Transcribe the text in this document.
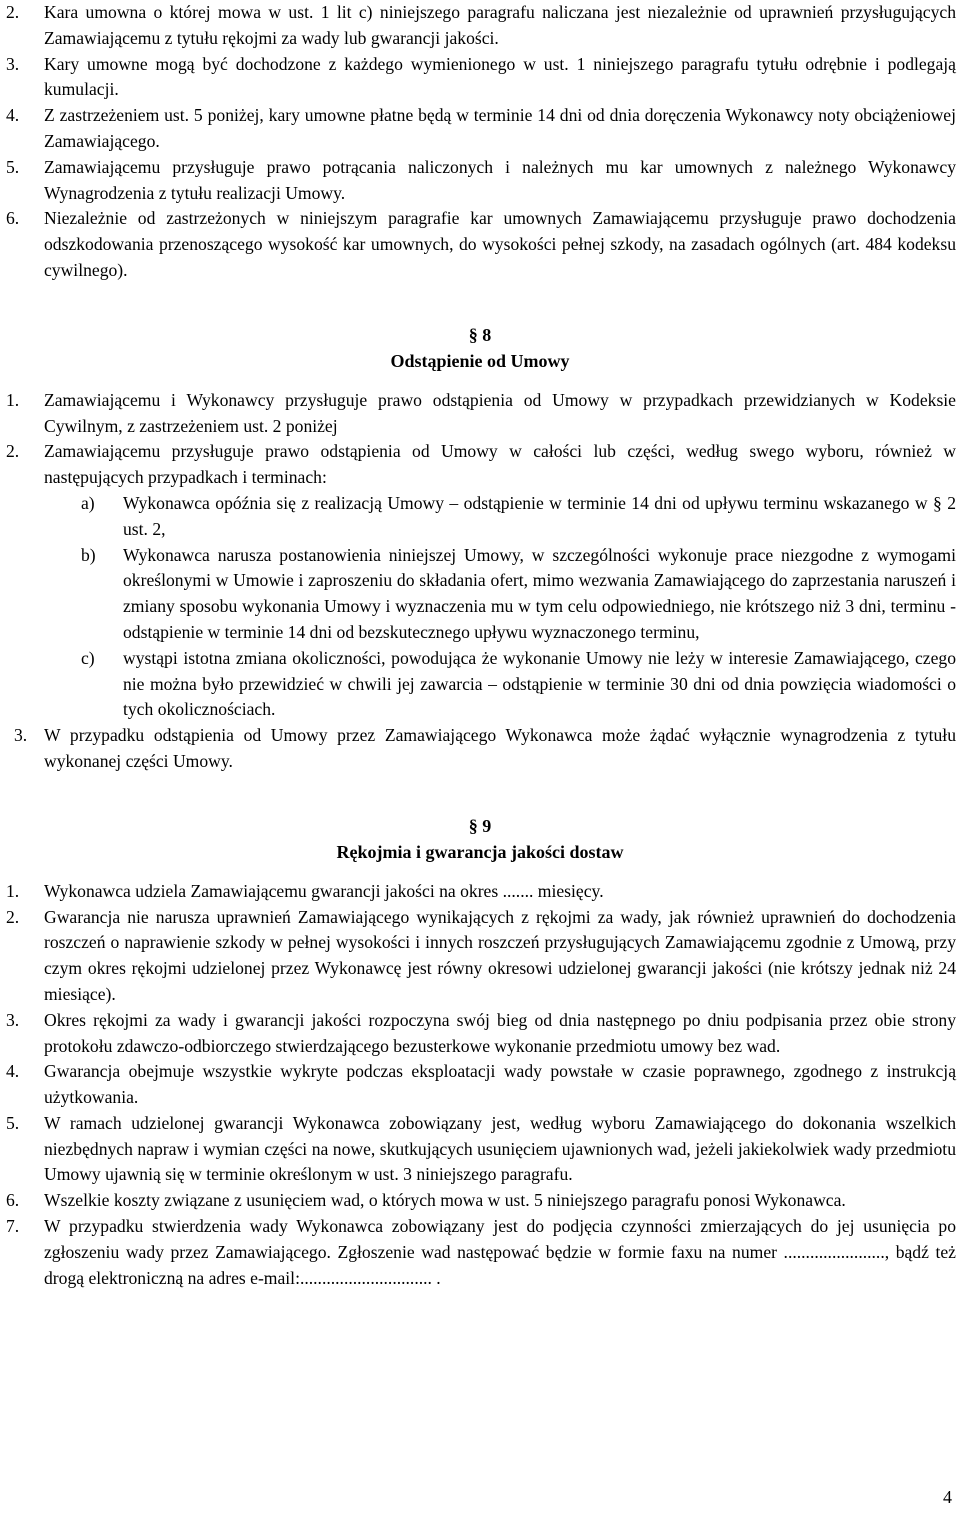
2. Kara umowna o której mowa w ust. 1 lit c) niniejszego paragrafu naliczana jest niezależnie od uprawnień przysługujących Zamawiającemu z tytułu rękojmi za wady lub gwarancji jakości.
3. Kary umowne mogą być dochodzone z każdego wymienionego w ust. 1 niniejszego paragrafu tytułu odrębnie i podlegają kumulacji.
4. Z zastrzeżeniem ust. 5 poniżej, kary umowne płatne będą w terminie 14 dni od dnia doręczenia Wykonawcy noty obciążeniowej Zamawiającego.
5. Zamawiającemu przysługuje prawo potrącania naliczonych i należnych mu kar umownych z należnego Wykonawcy Wynagrodzenia z tytułu realizacji Umowy.
6. Niezależnie od zastrzeżonych w niniejszym paragrafie kar umownych Zamawiającemu przysługuje prawo dochodzenia odszkodowania przenoszącego wysokość kar umownych, do wysokości pełnej szkody, na zasadach ogólnych (art. 484 kodeksu cywilnego).
§ 8
Odstąpienie od Umowy
1. Zamawiającemu i Wykonawcy przysługuje prawo odstąpienia od Umowy w przypadkach przewidzianych w Kodeksie Cywilnym, z zastrzeżeniem ust. 2 poniżej
2. Zamawiającemu przysługuje prawo odstąpienia od Umowy w całości lub części, według swego wyboru, również w następujących przypadkach i terminach:
a) Wykonawca opóźnia się z realizacją Umowy – odstąpienie w terminie 14 dni od upływu terminu wskazanego w § 2 ust. 2,
b) Wykonawca narusza postanowienia niniejszej Umowy, w szczególności wykonuje prace niezgodne z wymogami określonymi w Umowie i zaproszeniu do składania ofert, mimo wezwania Zamawiającego do zaprzestania naruszeń i zmiany sposobu wykonania Umowy i wyznaczenia mu w tym celu odpowiedniego, nie krótszego niż 3 dni, terminu - odstąpienie w terminie 14 dni od bezskutecznego upływu wyznaczonego terminu,
c) wystąpi istotna zmiana okoliczności, powodująca że wykonanie Umowy nie leży w interesie Zamawiającego, czego nie można było przewidzieć w chwili jej zawarcia – odstąpienie w terminie 30 dni od dnia powzięcia wiadomości o tych okolicznościach.
3. W przypadku odstąpienia od Umowy przez Zamawiającego Wykonawca może żądać wyłącznie wynagrodzenia z tytułu wykonanej części Umowy.
§ 9
Rękojmia i gwarancja jakości dostaw
1. Wykonawca udziela Zamawiającemu gwarancji jakości na okres ....... miesięcy.
2. Gwarancja nie narusza uprawnień Zamawiającego wynikających z rękojmi za wady, jak również uprawnień do dochodzenia roszczeń o naprawienie szkody w pełnej wysokości i innych roszczeń przysługujących Zamawiającemu zgodnie z Umową, przy czym okres rękojmi udzielonej przez Wykonawcę jest równy okresowi udzielonej gwarancji jakości (nie krótszy jednak niż 24 miesiące).
3. Okres rękojmi za wady i gwarancji jakości rozpoczyna swój bieg od dnia następnego po dniu podpisania przez obie strony protokołu zdawczo-odbiorczego stwierdzającego bezusterkowe wykonanie przedmiotu umowy bez wad.
4. Gwarancja obejmuje wszystkie wykryte podczas eksploatacji wady powstałe w czasie poprawnego, zgodnego z instrukcją użytkowania.
5. W ramach udzielonej gwarancji Wykonawca zobowiązany jest, według wyboru Zamawiającego do dokonania wszelkich niezbędnych napraw i wymian części na nowe, skutkujących usunięciem ujawnionych wad, jeżeli jakiekolwiek wady przedmiotu Umowy ujawnią się w terminie określonym w ust. 3 niniejszego paragrafu.
6. Wszelkie koszty związane z usunięciem wad, o których mowa w ust. 5 niniejszego paragrafu ponosi Wykonawca.
7. W przypadku stwierdzenia wady Wykonawca zobowiązany jest do podjęcia czynności zmierzających do jej usunięcia po zgłoszeniu wady przez Zamawiającego. Zgłoszenie wad następować będzie w formie faxu na numer ......................., bądź też drogą elektroniczną na adres e-mail:.............................. .
4
